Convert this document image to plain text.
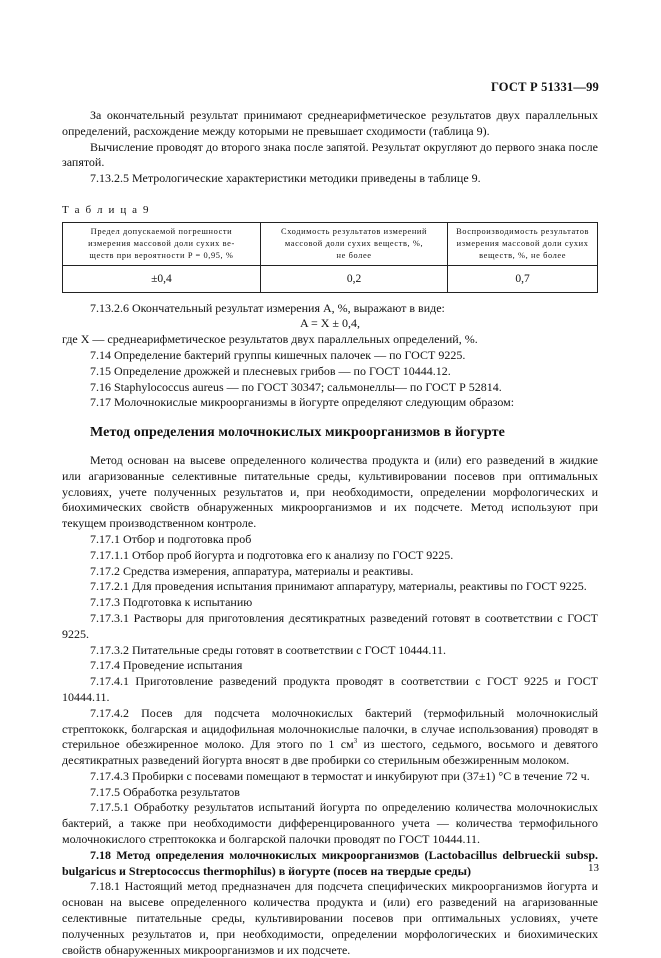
ГОСТ Р 51331—99

За окончательный результат принимают среднеарифметическое результатов двух параллельных определений, расхождение между которыми не превышает сходимости (таблица 9).

Вычисление проводят до второго знака после запятой. Результат округляют до первого знака после запятой.

7.13.2.5 Метрологические характеристики методики приведены в таблице 9.

Т а б л и ц а 9
Предел допускаемой погрешности
измерения массовой доли сухих ве-
ществ при вероятности P = 0,95, %	Сходимость результатов измерений
массовой доли сухих веществ, %,
не более	Воспроизводимость результатов
измерения массовой доли сухих
веществ, %, не более

±0,4	0,2	0,7

7.13.2.6 Окончательный результат измерения A, %, выражают в виде:

A = X ± 0,4,

где X — среднеарифметическое результатов двух параллельных определений, %.

7.14 Определение бактерий группы кишечных палочек — по ГОСТ 9225.

7.15 Определение дрожжей и плесневых грибов — по ГОСТ 10444.12.

7.16 Staphylococcus aureus — по ГОСТ 30347; сальмонеллы— по ГОСТ Р 52814.

7.17 Молочнокислые микроорганизмы в йогурте определяют следующим образом:

Метод определения молочнокислых микроорганизмов в йогурте

Метод основан на высеве определенного количества продукта и (или) его разведений в жидкие или агаризованные селективные питательные среды, культивировании посевов при оптимальных условиях, учете полученных результатов и, при необходимости, определении морфологических и биохимических свойств обнаруженных микроорганизмов и их подсчете. Метод используют при текущем производственном контроле.

7.17.1 Отбор и подготовка проб

7.17.1.1 Отбор проб йогурта и подготовка его к анализу по ГОСТ 9225.

7.17.2 Средства измерения, аппаратура, материалы и реактивы.

7.17.2.1 Для проведения испытания принимают аппаратуру, материалы, реактивы по ГОСТ 9225.

7.17.3 Подготовка к испытанию

7.17.3.1 Растворы для приготовления десятикратных разведений готовят в соответствии с ГОСТ 9225.

7.17.3.2 Питательные среды готовят в соответствии с ГОСТ 10444.11.

7.17.4 Проведение испытания

7.17.4.1 Приготовление разведений продукта проводят в соответствии с ГОСТ 9225 и ГОСТ 10444.11.

7.17.4.2 Посев для подсчета молочнокислых бактерий (термофильный молочнокислый стрептококк, болгарская и ацидофильная молочнокислые палочки, в случае использования) проводят в стерильное обезжиренное молоко. Для этого по 1 $см^3$ из шестого, седьмого, восьмого и девятого десятикратных разведений йогурта вносят в две пробирки со стерильным обезжиренным молоком.

7.17.4.3 Пробирки с посевами помещают в термостат и инкубируют при (37±1) °С в течение 72 ч.

7.17.5 Обработка результатов

7.17.5.1 Обработку результатов испытаний йогурта по определению количества молочнокислых бактерий, а также при необходимости дифференцированного учета — количества термофильного молочнокислого стрептококка и болгарской палочки проводят по ГОСТ 10444.11.

7.18 Метод определения молочнокислых микроорганизмов (Lactobacillus delbrueckii subsp. bulgaricus и Streptococcus thermophilus) в йогурте (посев на твердые среды)

7.18.1 Настоящий метод предназначен для подсчета специфических микроорганизмов йогурта и основан на высеве определенного количества продукта и (или) его разведений на агаризованные селективные питательные среды, культивировании посевов при оптимальных условиях, учете полученных результатов и, при необходимости, определении морфологических и биохимических свойств обнаруженных микроорганизмов и их подсчете.

13
